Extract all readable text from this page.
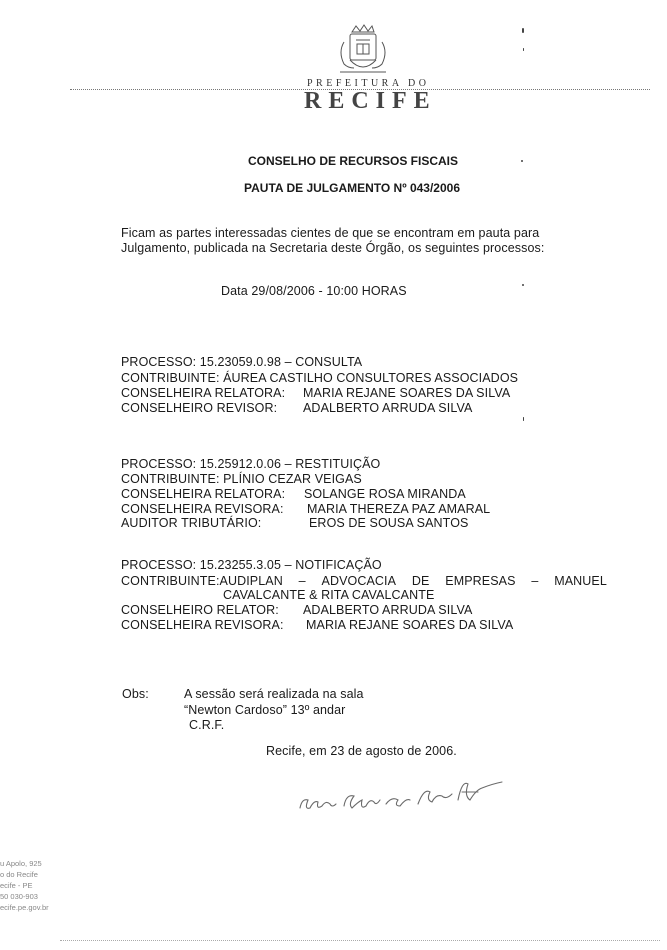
PREFEITURA DO
RECIFE
CONSELHO DE RECURSOS FISCAIS
PAUTA DE JULGAMENTO Nº 043/2006
Ficam as partes interessadas cientes de que se encontram em pauta para
Julgamento, publicada na Secretaria deste Órgão, os seguintes processos:
Data 29/08/2006 - 10:00 HORAS
PROCESSO: 15.23059.0.98 – CONSULTA
CONTRIBUINTE: ÁUREA CASTILHO CONSULTORES ASSOCIADOS
CONSELHEIRA RELATORA: MARIA REJANE SOARES DA SILVA
CONSELHEIRO REVISOR: ADALBERTO ARRUDA SILVA
PROCESSO: 15.25912.0.06 – RESTITUIÇÃO
CONTRIBUINTE: PLÍNIO CEZAR VEIGAS
CONSELHEIRA RELATORA: SOLANGE ROSA MIRANDA
CONSELHEIRA REVISORA: MARIA THEREZA PAZ AMARAL
AUDITOR TRIBUTÁRIO:	EROS DE SOUSA SANTOS
PROCESSO: 15.23255.3.05 – NOTIFICAÇÃO
CONTRIBUINTE:AUDIPLAN – ADVOCACIA DE EMPRESAS – MANUEL
CAVALCANTE & RITA CAVALCANTE
CONSELHEIRO RELATOR: ADALBERTO ARRUDA SILVA
CONSELHEIRA REVISORA: MARIA REJANE SOARES DA SILVA
Obs:	A sessão será realizada na sala
“Newton Cardoso” 13º andar
C.R.F.
Recife, em 23 de agosto de 2006.
u Apolo, 925
o do Recife
ecife - PE
50 030-903
ecife.pe.gov.br
